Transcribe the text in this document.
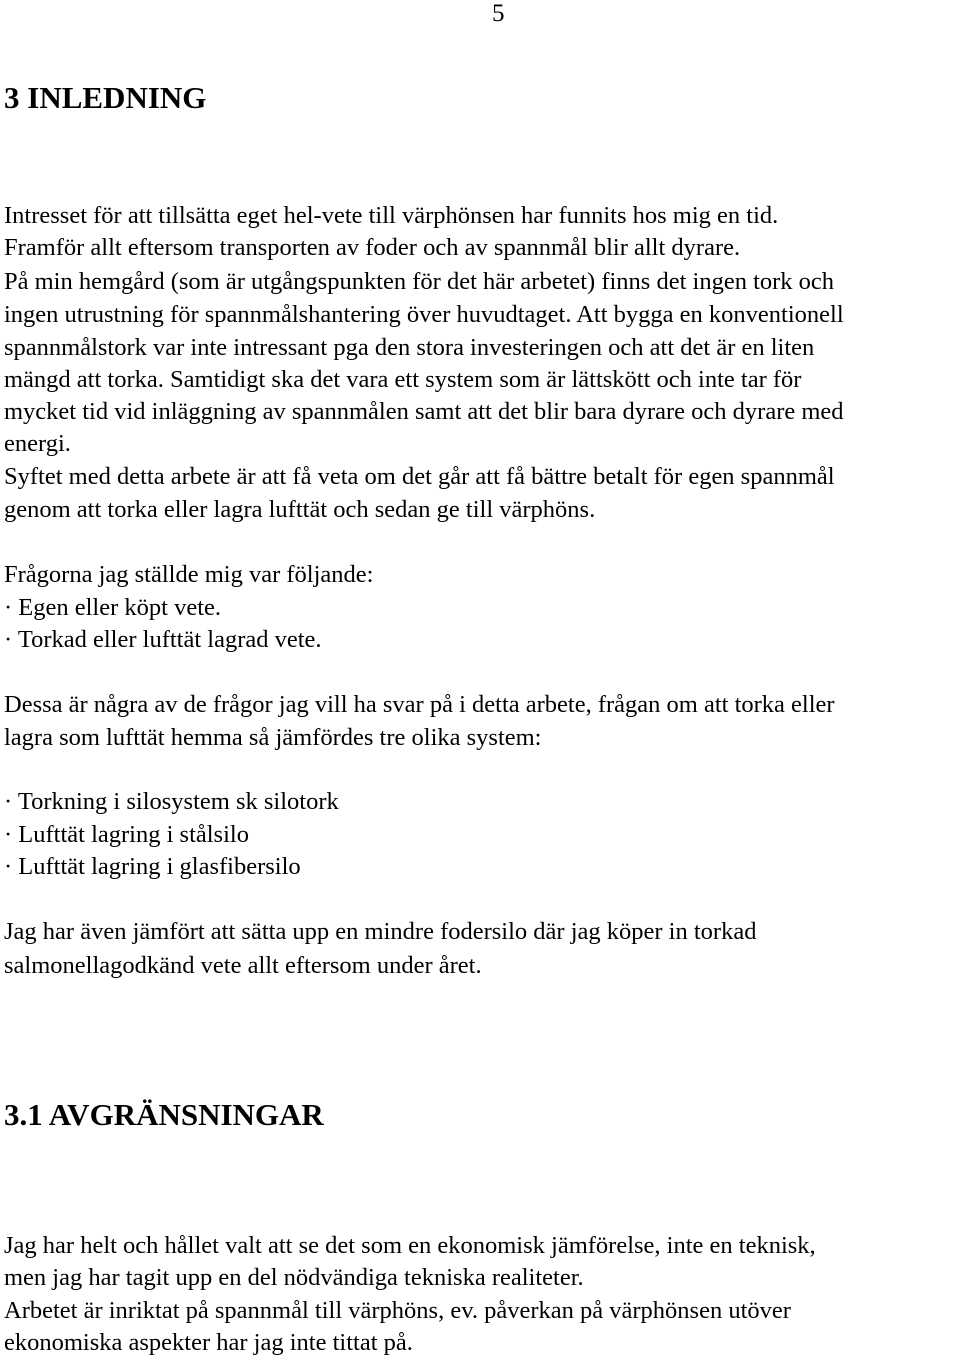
5
3 INLEDNING
Intresset för att tillsätta eget hel-vete till värphönsen har funnits hos mig en tid.
Framför allt eftersom transporten av foder och av spannmål blir allt dyrare.
På min hemgård (som är utgångspunkten för det här arbetet) finns det ingen tork och
ingen utrustning för spannmålshantering över huvudtaget. Att bygga en konventionell
spannmålstork var inte intressant pga den stora investeringen och att det är en liten
mängd att torka. Samtidigt ska det vara ett system som är lättskött och inte tar för
mycket tid vid inläggning av spannmålen samt att det blir bara dyrare och dyrare med
energi.
Syftet med detta arbete är att få veta om det går att få bättre betalt för egen spannmål
genom att torka eller lagra lufttät och sedan ge till värphöns.
Frågorna jag ställde mig var följande:
· Egen eller köpt vete.
· Torkad eller lufttät lagrad vete.
Dessa är några av de frågor jag vill ha svar på i detta arbete, frågan om att torka eller
lagra som lufttät hemma så jämfördes tre olika system:
· Torkning i silosystem sk silotork
· Lufttät lagring i stålsilo
· Lufttät lagring i glasfibersilo
Jag har även jämfört att sätta upp en mindre fodersilo där jag köper in torkad
salmonellagodkänd vete allt eftersom under året.
3.1 AVGRÄNSNINGAR
Jag har helt och hållet valt att se det som en ekonomisk jämförelse, inte en teknisk,
men jag har tagit upp en del nödvändiga tekniska realiteter.
Arbetet är inriktat på spannmål till värphöns, ev. påverkan på värphönsen utöver
ekonomiska aspekter har jag inte tittat på.
